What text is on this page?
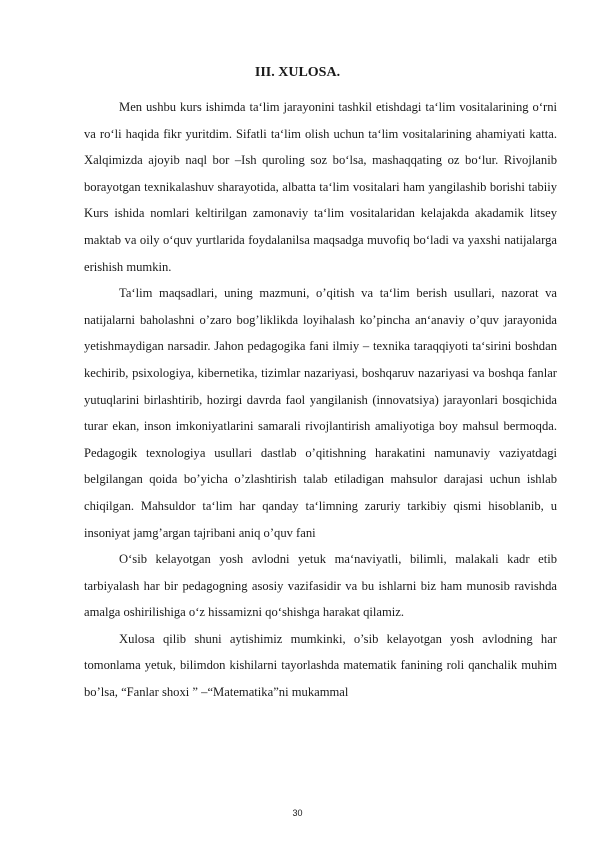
III. XULOSA.

Men ushbu kurs ishimda ta‘lim jarayonini tashkil etishdagi ta‘lim vositalarining o‘rni va ro‘li haqida fikr yuritdim. Sifatli ta‘lim olish uchun ta‘lim vositalarining ahamiyati katta. Xalqimizda ajoyib naql bor ‒Ish quroling soz bo‘lsa, mashaqqating oz bo‘lur. Rivojlanib borayotgan texnikalashuv sharayotida, albatta ta‘lim vositalari ham yangilashib borishi tabiiy Kurs ishida nomlari keltirilgan zamonaviy ta‘lim vositalaridan kelajakda akadamik litsey maktab va oily o‘quv yurtlarida foydalanilsa maqsadga muvofiq bo‘ladi va yaxshi natijalarga erishish mumkin.

Ta‘lim maqsadlari, uning mazmuni, o’qitish va ta‘lim berish usullari, nazorat va natijalarni baholashni o’zaro bog’liklikda loyihalash ko’pincha an‘anaviy o’quv jarayonida yetishmaydigan narsadir. Jahon pedagogika fani ilmiy – texnika taraqqiyoti ta‘sirini boshdan kechirib, psixologiya, kibernetika, tizimlar nazariyasi, boshqaruv nazariyasi va boshqa fanlar yutuqlarini birlashtirib, hozirgi davrda faol yangilanish (innovatsiya) jarayonlari bosqichida turar ekan, inson imkoniyatlarini samarali rivojlantirish amaliyotiga boy mahsul bermoqda. Pedagogik texnologiya usullari dastlab o’qitishning harakatini namunaviy vaziyatdagi belgilangan qoida bo’yicha o’zlashtirish talab etiladigan mahsulor darajasi uchun ishlab chiqilgan. Mahsuldor ta‘lim har qanday ta‘limning zaruriy tarkibiy qismi hisoblanib, u insoniyat jamg’argan tajribani aniq o’quv fani

O‘sib kelayotgan yosh avlodni yetuk ma‘naviyatli, bilimli, malakali kadr etib tarbiyalash har bir pedagogning asosiy vazifasidir va bu ishlarni biz ham munosib ravishda amalga oshirilishiga o‘z hissamizni qo‘shishga harakat qilamiz.

Xulosa qilib shuni aytishimiz mumkinki, o’sib kelayotgan yosh avlodning har tomonlama yetuk, bilimdon kishilarni tayorlashda matematik fanining roli qanchalik muhim bo’lsa, “Fanlar shoxi ” ‒“Matematika”ni mukammal

30
